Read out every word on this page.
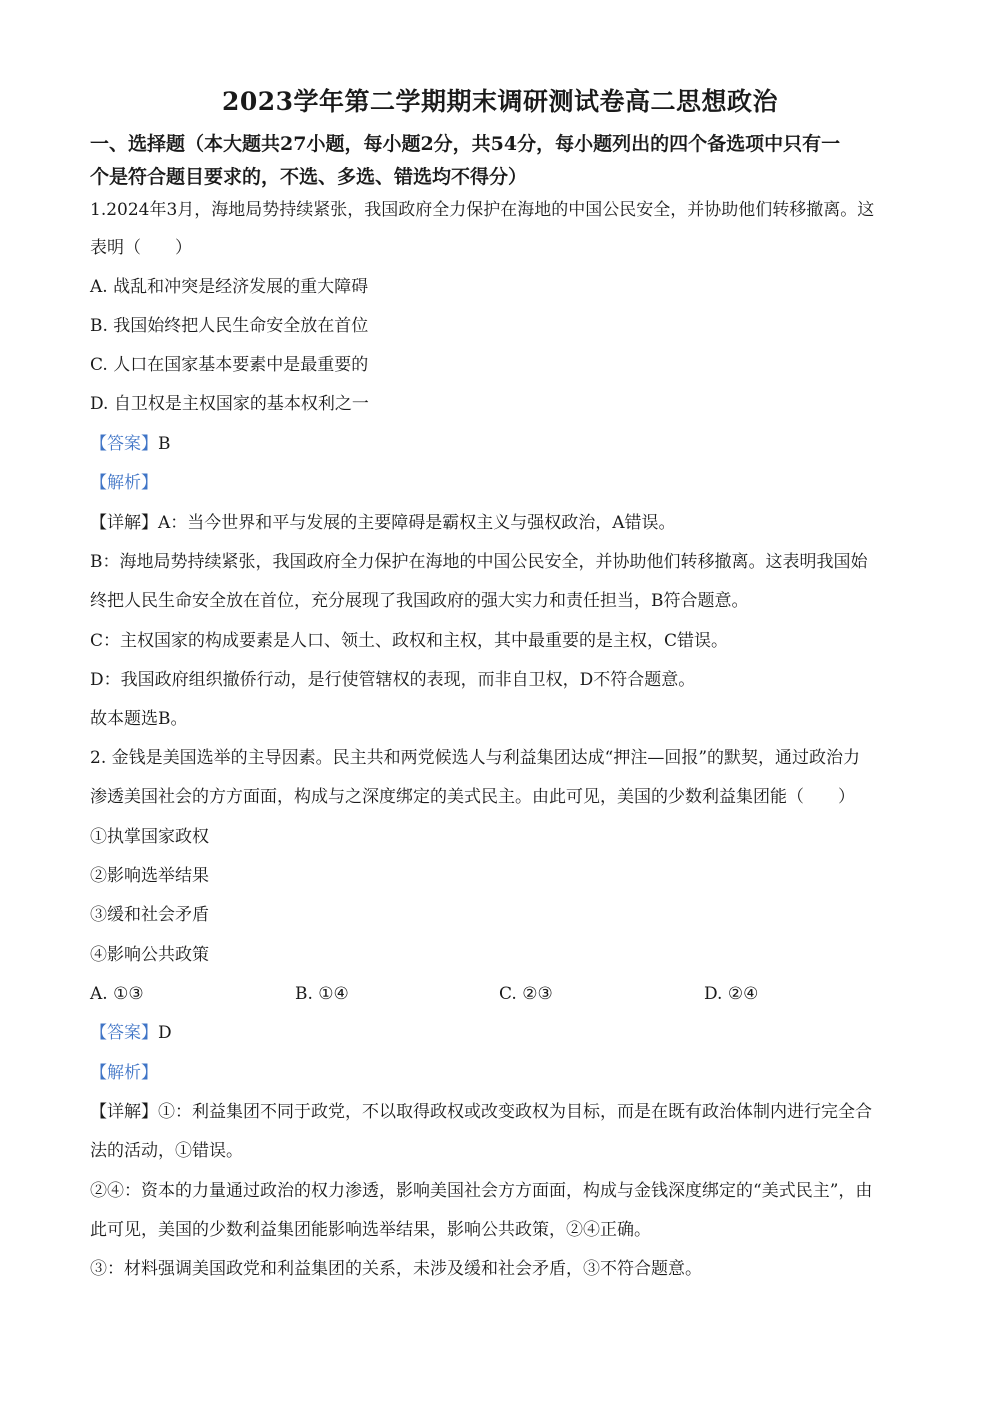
2023学年第二学期期末调研测试卷高二思想政治
一、选择题（本大题共27小题，每小题2分，共54分，每小题列出的四个备选项中只有一
个是符合题目要求的，不选、多选、错选均不得分）
1.2024年3月，海地局势持续紧张，我国政府全力保护在海地的中国公民安全，并协助他们转移撤离。这
表明（　　）
A. 战乱和冲突是经济发展的重大障碍
B. 我国始终把人民生命安全放在首位
C. 人口在国家基本要素中是最重要的
D. 自卫权是主权国家的基本权利之一
【答案】B
【解析】
【详解】A：当今世界和平与发展的主要障碍是霸权主义与强权政治，A错误。
B：海地局势持续紧张，我国政府全力保护在海地的中国公民安全，并协助他们转移撤离。这表明我国始
终把人民生命安全放在首位，充分展现了我国政府的强大实力和责任担当，B符合题意。
C：主权国家的构成要素是人口、领土、政权和主权，其中最重要的是主权，C错误。
D：我国政府组织撤侨行动，是行使管辖权的表现，而非自卫权，D不符合题意。
故本题选B。
2. 金钱是美国选举的主导因素。民主共和两党候选人与利益集团达成“押注—回报”的默契，通过政治力
渗透美国社会的方方面面，构成与之深度绑定的美式民主。由此可见，美国的少数利益集团能（　　）
①执掌国家政权
②影响选举结果
③缓和社会矛盾
④影响公共政策
A. ①③	B. ①④	C. ②③	D. ②④
【答案】D
【解析】
【详解】①：利益集团不同于政党，不以取得政权或改变政权为目标，而是在既有政治体制内进行完全合
法的活动，①错误。
②④：资本的力量通过政治的权力渗透，影响美国社会方方面面，构成与金钱深度绑定的“美式民主”，由
此可见，美国的少数利益集团能影响选举结果，影响公共政策，②④正确。
③：材料强调美国政党和利益集团的关系，未涉及缓和社会矛盾，③不符合题意。
